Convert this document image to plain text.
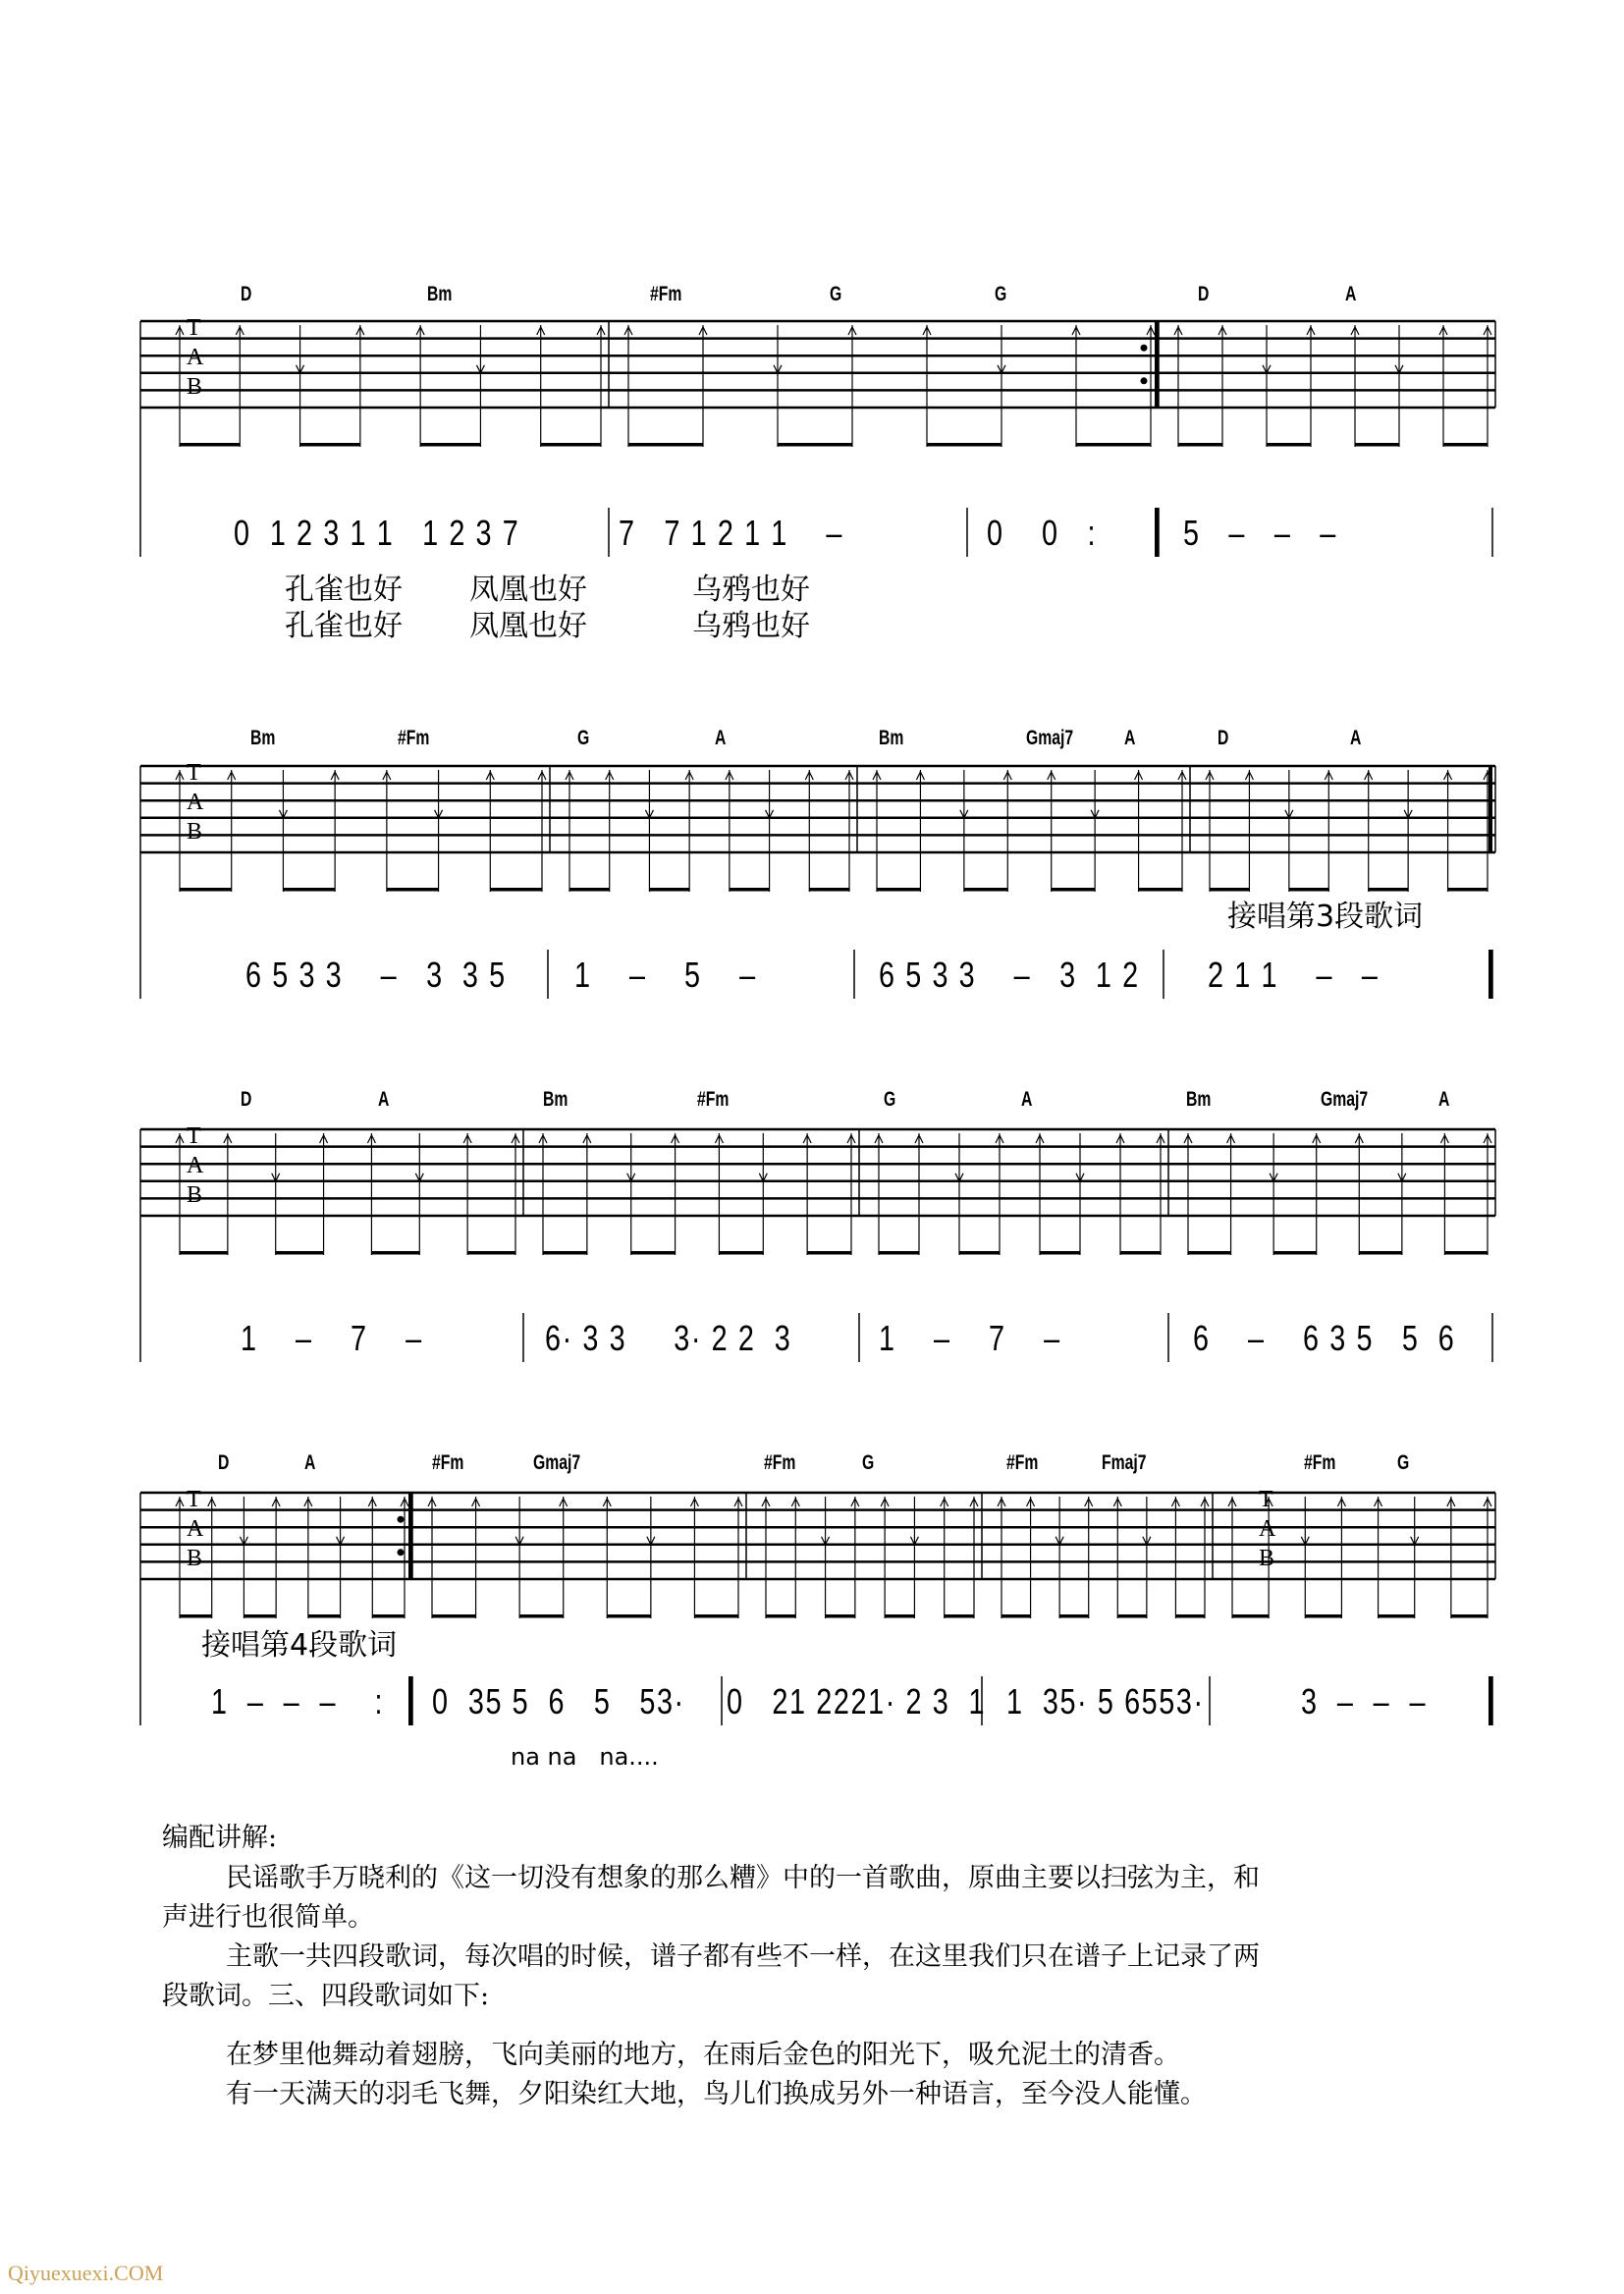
T
A
B
T
A
B
T
A
B
T
A
B
T
A
B
D	Bm	#Fm	G	G	D	A
0  1 2 3 1 1   1 2 3 7	7   7 1 2 1 1    –	0    0   : 5   –   –   –
孔雀也好 凤凰也好	乌鸦也好
孔雀也好 凤凰也好	乌鸦也好
Bm	#Fm	G	A	Bm	Gmaj7 A	D	A
6 5 3 3    –   3  3 5 1    –    5    –	6 5 3 3    –   3  1 2 2 1 1    –   –
接唱第3段歌词
D	A	Bm	#Fm	G	A	Bm	Gmaj7	A
1    –    7    –	6· 3 3     3· 2 2  3 1    –    7    –	6    –    6 3 5   5  6
D	A	#Fm	Gmaj7	#Fm	G	#Fm	Fmaj7	#Fm	G
1  –  –  –    : 0  35 5  6   5   53· 0   21 2221· 2 3  1 1  35· 5 6553·	3  –  –  –
接唱第4段歌词
na na   na....
编配讲解:
民谣歌手万晓利的《这一切没有想象的那么糟》中的一首歌曲，原曲主要以扫弦为主，和
声进行也很简单。
主歌一共四段歌词，每次唱的时候，谱子都有些不一样，在这里我们只在谱子上记录了两
段歌词。三、四段歌词如下:
在梦里他舞动着翅膀，飞向美丽的地方，在雨后金色的阳光下，吸允泥土的清香。
有一天满天的羽毛飞舞，夕阳染红大地，鸟儿们换成另外一种语言，至今没人能懂。
Qiyuexuexi.COM
